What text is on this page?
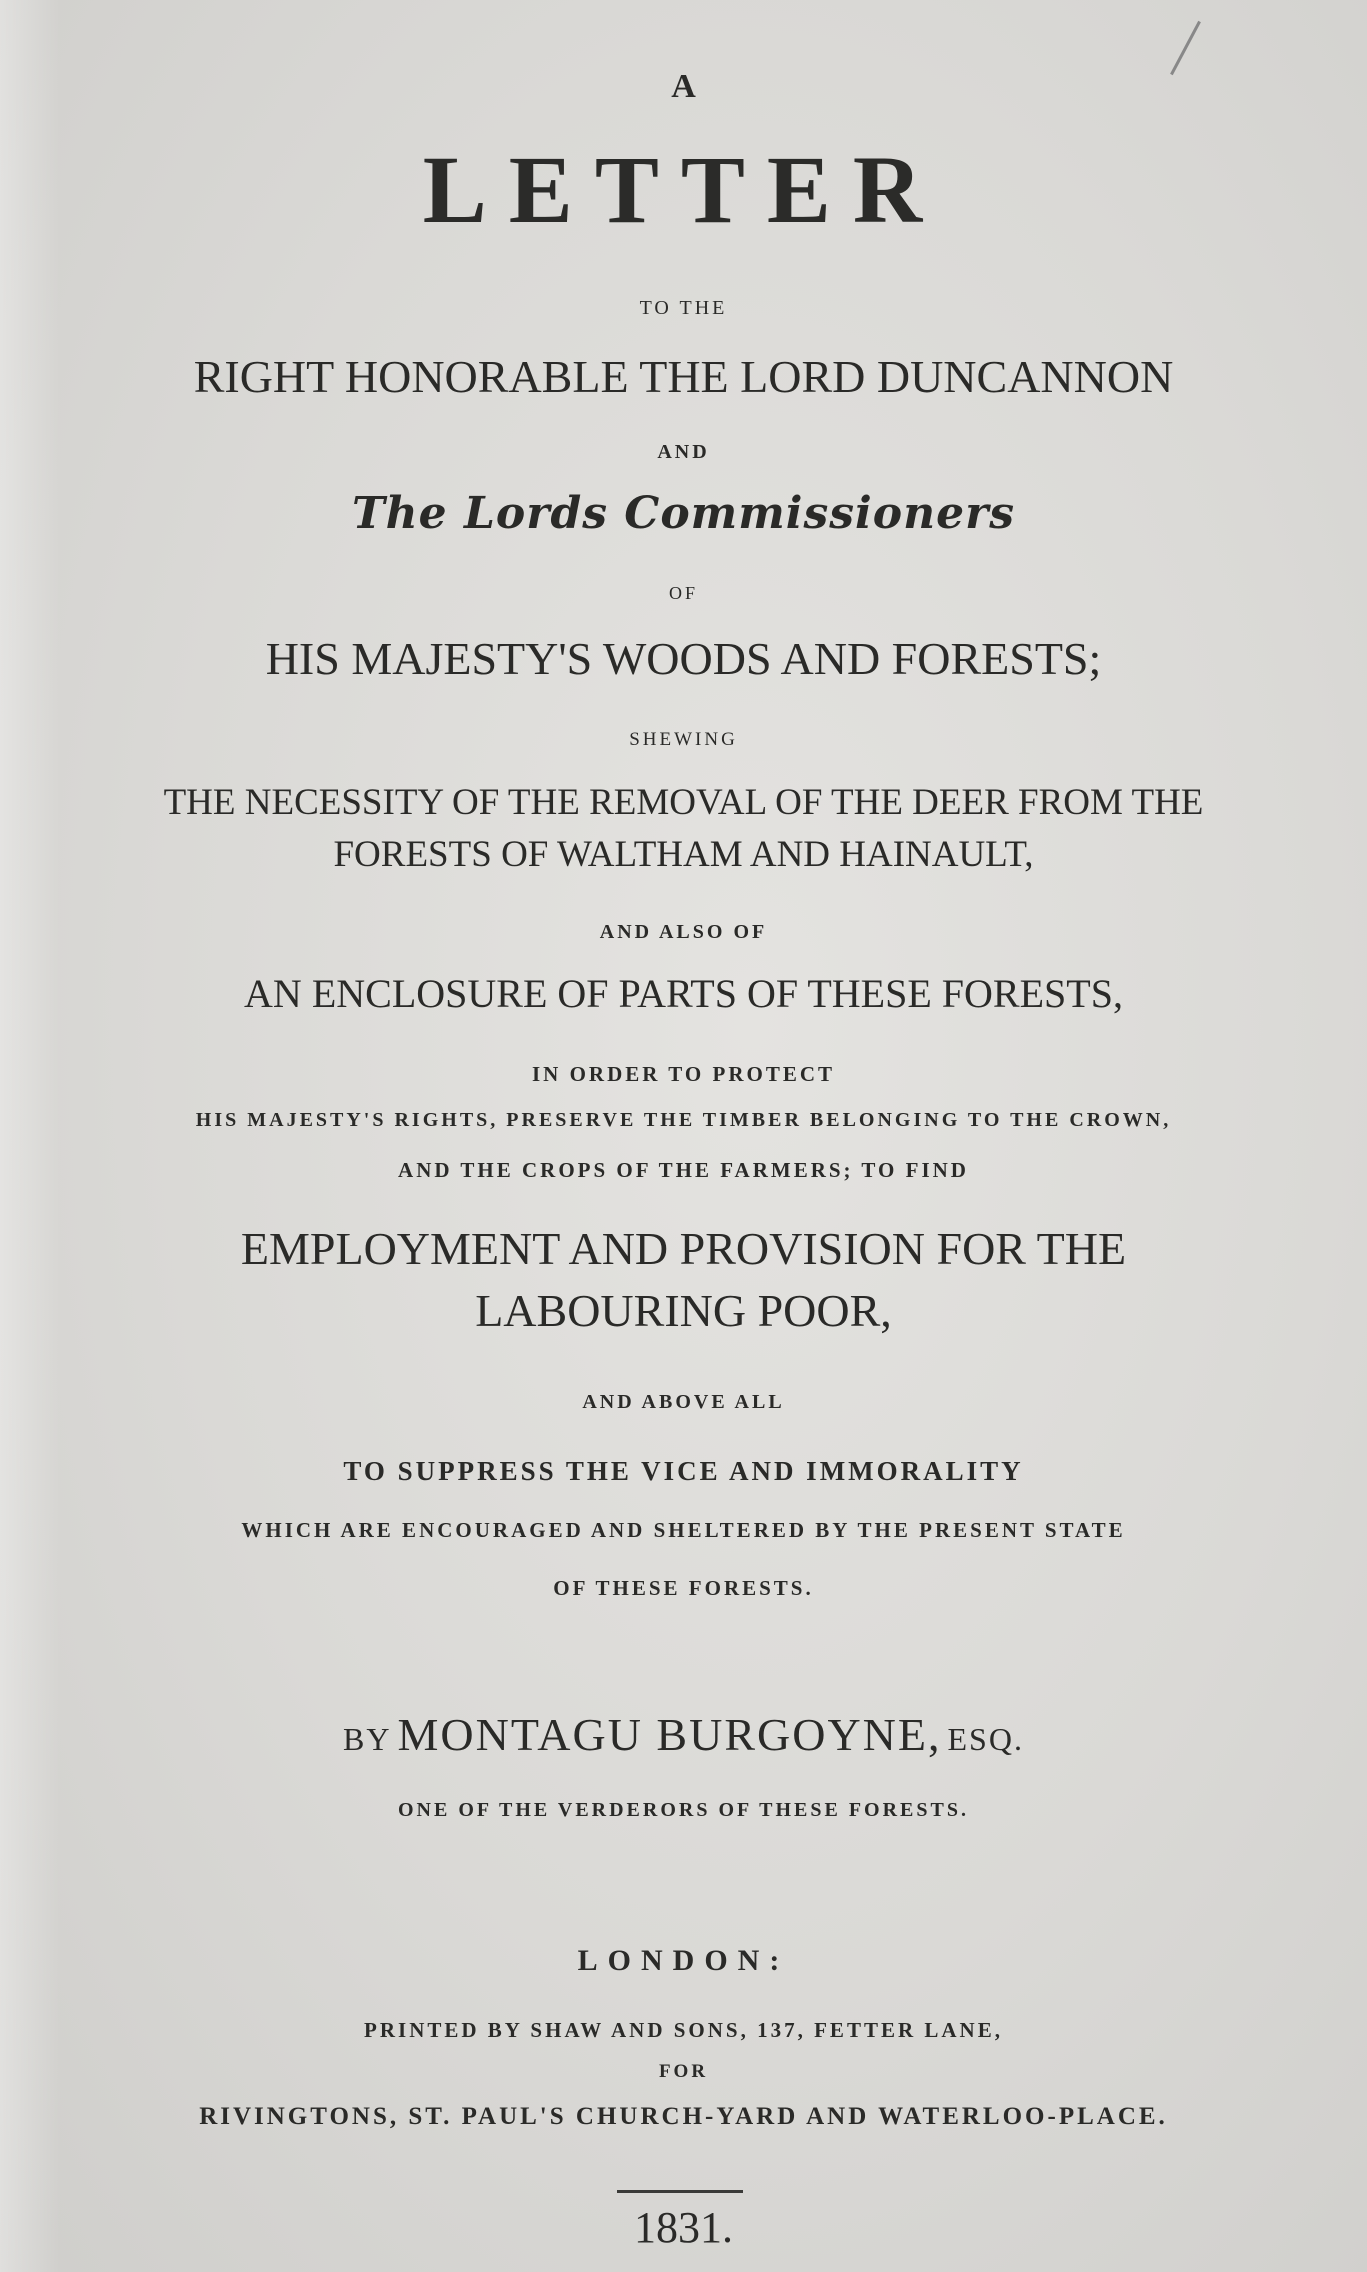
A
LETTER
TO THE
RIGHT HONORABLE THE LORD DUNCANNON
AND
The Lords Commissioners
OF
HIS MAJESTY'S WOODS AND FORESTS;
SHEWING
THE NECESSITY OF THE REMOVAL OF THE DEER FROM THE
FORESTS OF WALTHAM AND HAINAULT,
AND ALSO OF
AN ENCLOSURE OF PARTS OF THESE FORESTS,
IN ORDER TO PROTECT
HIS MAJESTY'S RIGHTS, PRESERVE THE TIMBER BELONGING TO THE CROWN,
AND THE CROPS OF THE FARMERS; TO FIND
EMPLOYMENT AND PROVISION FOR THE
LABOURING POOR,
AND ABOVE ALL
TO SUPPRESS THE VICE AND IMMORALITY
WHICH ARE ENCOURAGED AND SHELTERED BY THE PRESENT STATE
OF THESE FORESTS.
BY MONTAGU BURGOYNE, ESQ.
ONE OF THE VERDERORS OF THESE FORESTS.
LONDON:
PRINTED BY SHAW AND SONS, 137, FETTER LANE,
FOR
RIVINGTONS, ST. PAUL'S CHURCH-YARD AND WATERLOO-PLACE.
1831.
